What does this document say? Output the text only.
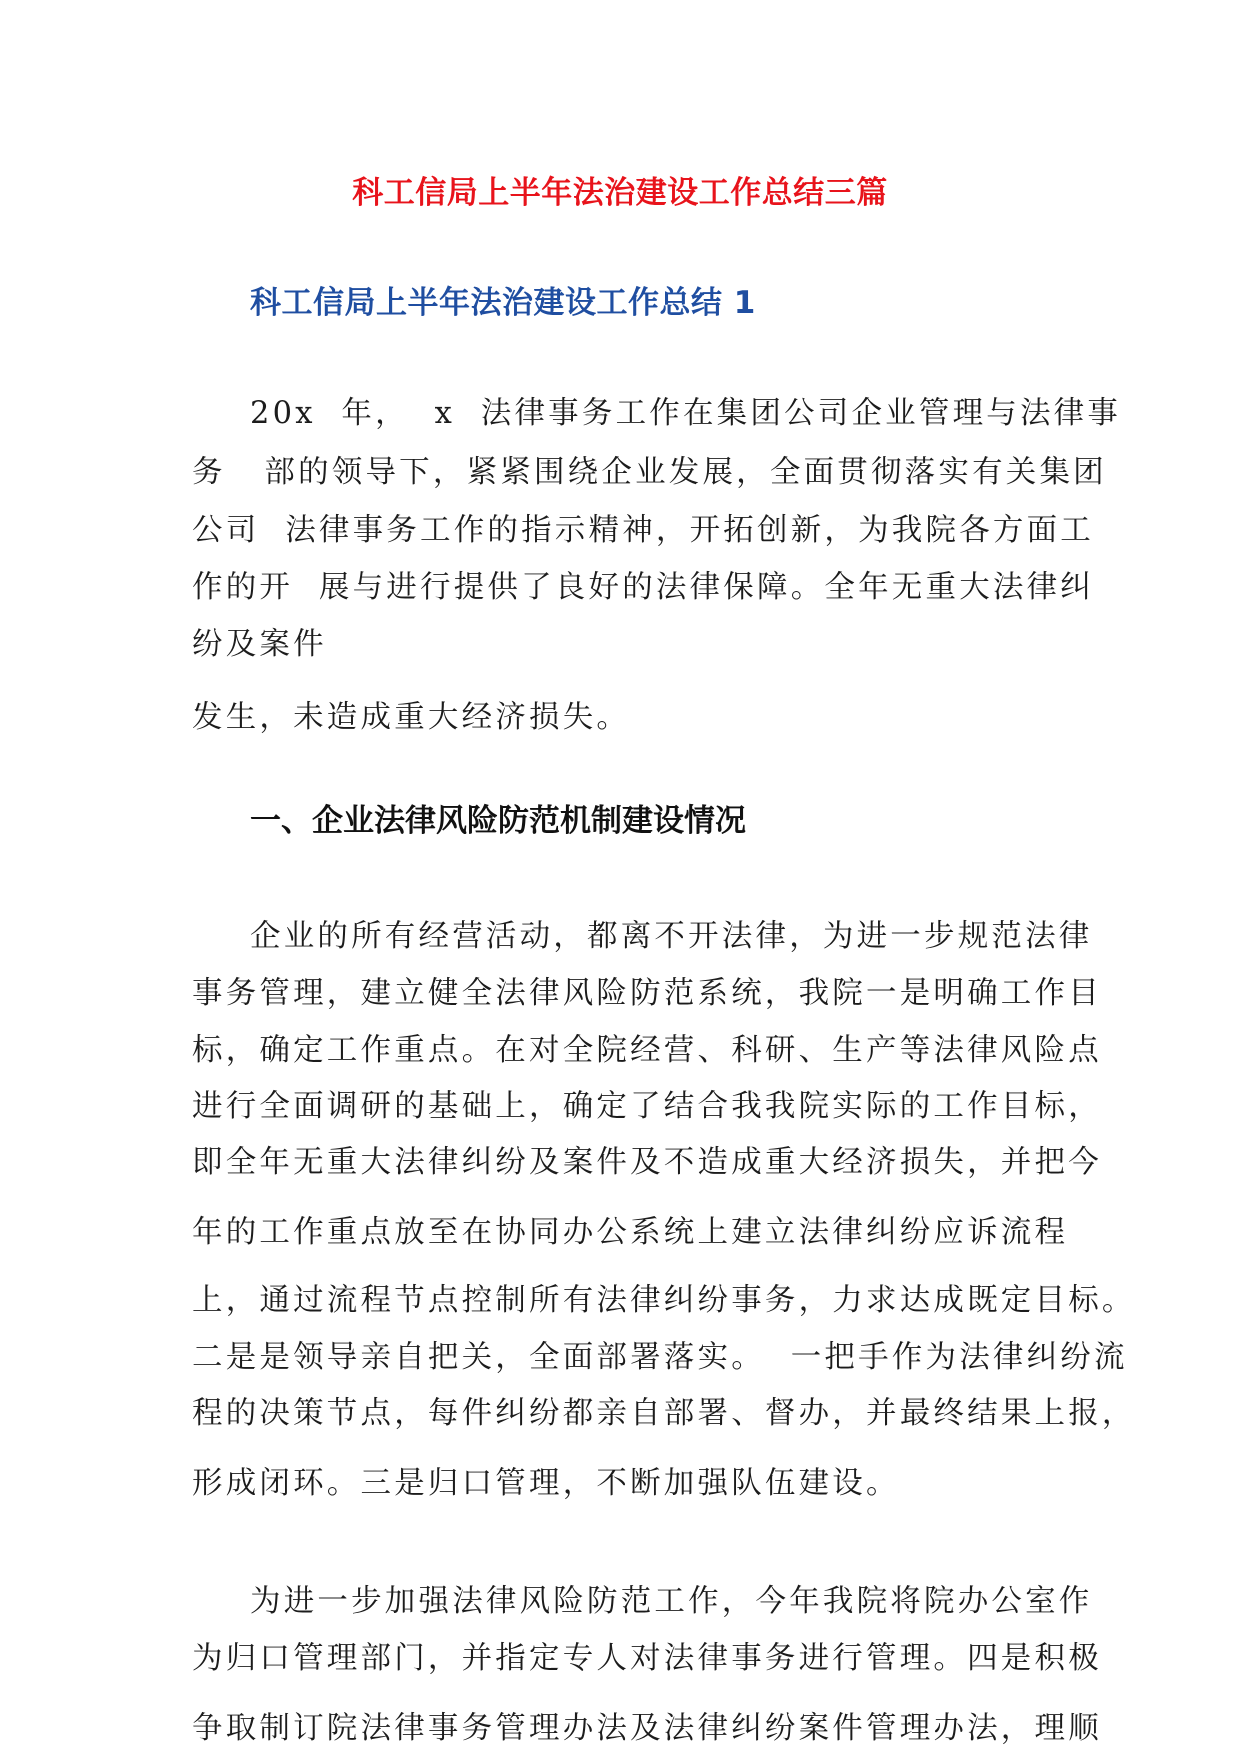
科工信局上半年法治建设工作总结三篇
科工信局上半年法治建设工作总结 1
20x  年，  x  法律事务工作在集团公司企业管理与法律事
务   部的领导下，紧紧围绕企业发展，全面贯彻落实有关集团
公司  法律事务工作的指示精神，开拓创新，为我院各方面工
作的开  展与进行提供了良好的法律保障。全年无重大法律纠
纷及案件
发生，未造成重大经济损失。
一、企业法律风险防范机制建设情况
企业的所有经营活动，都离不开法律，为进一步规范法律
事务管理，建立健全法律风险防范系统，我院一是明确工作目
标，确定工作重点。在对全院经营、科研、生产等法律风险点
进行全面调研的基础上，确定了结合我我院实际的工作目标，
即全年无重大法律纠纷及案件及不造成重大经济损失，并把今
年的工作重点放至在协同办公系统上建立法律纠纷应诉流程
上，通过流程节点控制所有法律纠纷事务，力求达成既定目标。
二是是领导亲自把关，全面部署落实。  一把手作为法律纠纷流
程的决策节点，每件纠纷都亲自部署、督办，并最终结果上报，
形成闭环。三是归口管理，不断加强队伍建设。
为进一步加强法律风险防范工作，今年我院将院办公室作
为归口管理部门，并指定专人对法律事务进行管理。四是积极
争取制订院法律事务管理办法及法律纠纷案件管理办法，理顺
